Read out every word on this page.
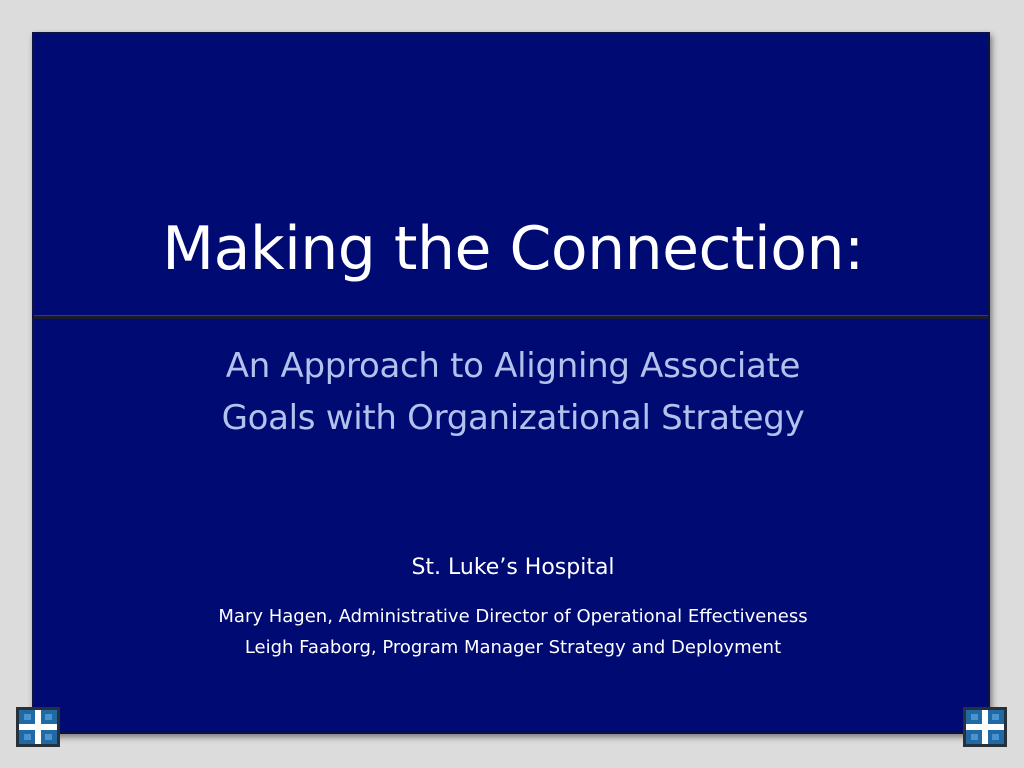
Making the Connection:
An Approach to Aligning Associate
Goals with Organizational Strategy
St. Luke’s Hospital
Mary Hagen, Administrative Director of Operational Effectiveness
Leigh Faaborg, Program Manager Strategy and Deployment
